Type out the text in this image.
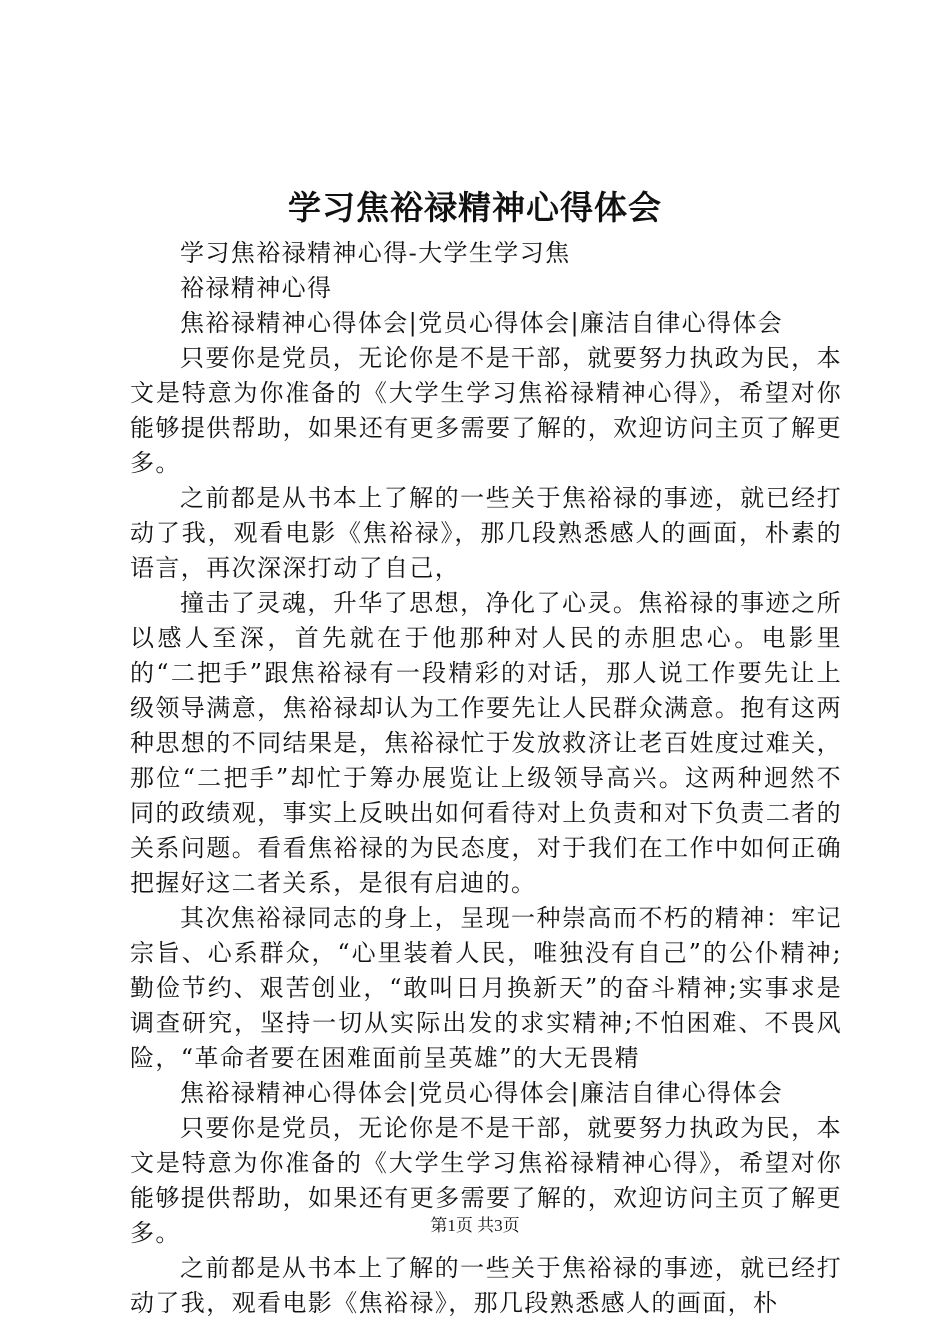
学习焦裕禄精神心得体会

学习焦裕禄精神心得-大学生学习焦

裕禄精神心得

焦裕禄精神心得体会|党员心得体会|廉洁自律心得体会

只要你是党员，无论你是不是干部，就要努力执政为民，本文是特意为你准备的《大学生学习焦裕禄精神心得》，希望对你能够提供帮助，如果还有更多需要了解的，欢迎访问主页了解更多。

之前都是从书本上了解的一些关于焦裕禄的事迹，就已经打动了我，观看电影《焦裕禄》，那几段熟悉感人的画面，朴素的语言，再次深深打动了自己，

撞击了灵魂，升华了思想，净化了心灵。焦裕禄的事迹之所以感人至深，首先就在于他那种对人民的赤胆忠心。电影里的“二把手”跟焦裕禄有一段精彩的对话，那人说工作要先让上级领导满意，焦裕禄却认为工作要先让人民群众满意。抱有这两种思想的不同结果是，焦裕禄忙于发放救济让老百姓度过难关，那位“二把手”却忙于筹办展览让上级领导高兴。这两种迥然不同的政绩观，事实上反映出如何看待对上负责和对下负责二者的关系问题。看看焦裕禄的为民态度，对于我们在工作中如何正确把握好这二者关系，是很有启迪的。

其次焦裕禄同志的身上，呈现一种崇高而不朽的精神：牢记宗旨、心系群众，“心里装着人民，唯独没有自己”的公仆精神;勤俭节约、艰苦创业，“敢叫日月换新天”的奋斗精神;实事求是调查研究，坚持一切从实际出发的求实精神;不怕困难、不畏风险，“革命者要在困难面前呈英雄”的大无畏精

焦裕禄精神心得体会|党员心得体会|廉洁自律心得体会

只要你是党员，无论你是不是干部，就要努力执政为民，本文是特意为你准备的《大学生学习焦裕禄精神心得》，希望对你能够提供帮助，如果还有更多需要了解的，欢迎访问主页了解更多。

之前都是从书本上了解的一些关于焦裕禄的事迹，就已经打动了我，观看电影《焦裕禄》，那几段熟悉感人的画面，朴

第1页 共3页
